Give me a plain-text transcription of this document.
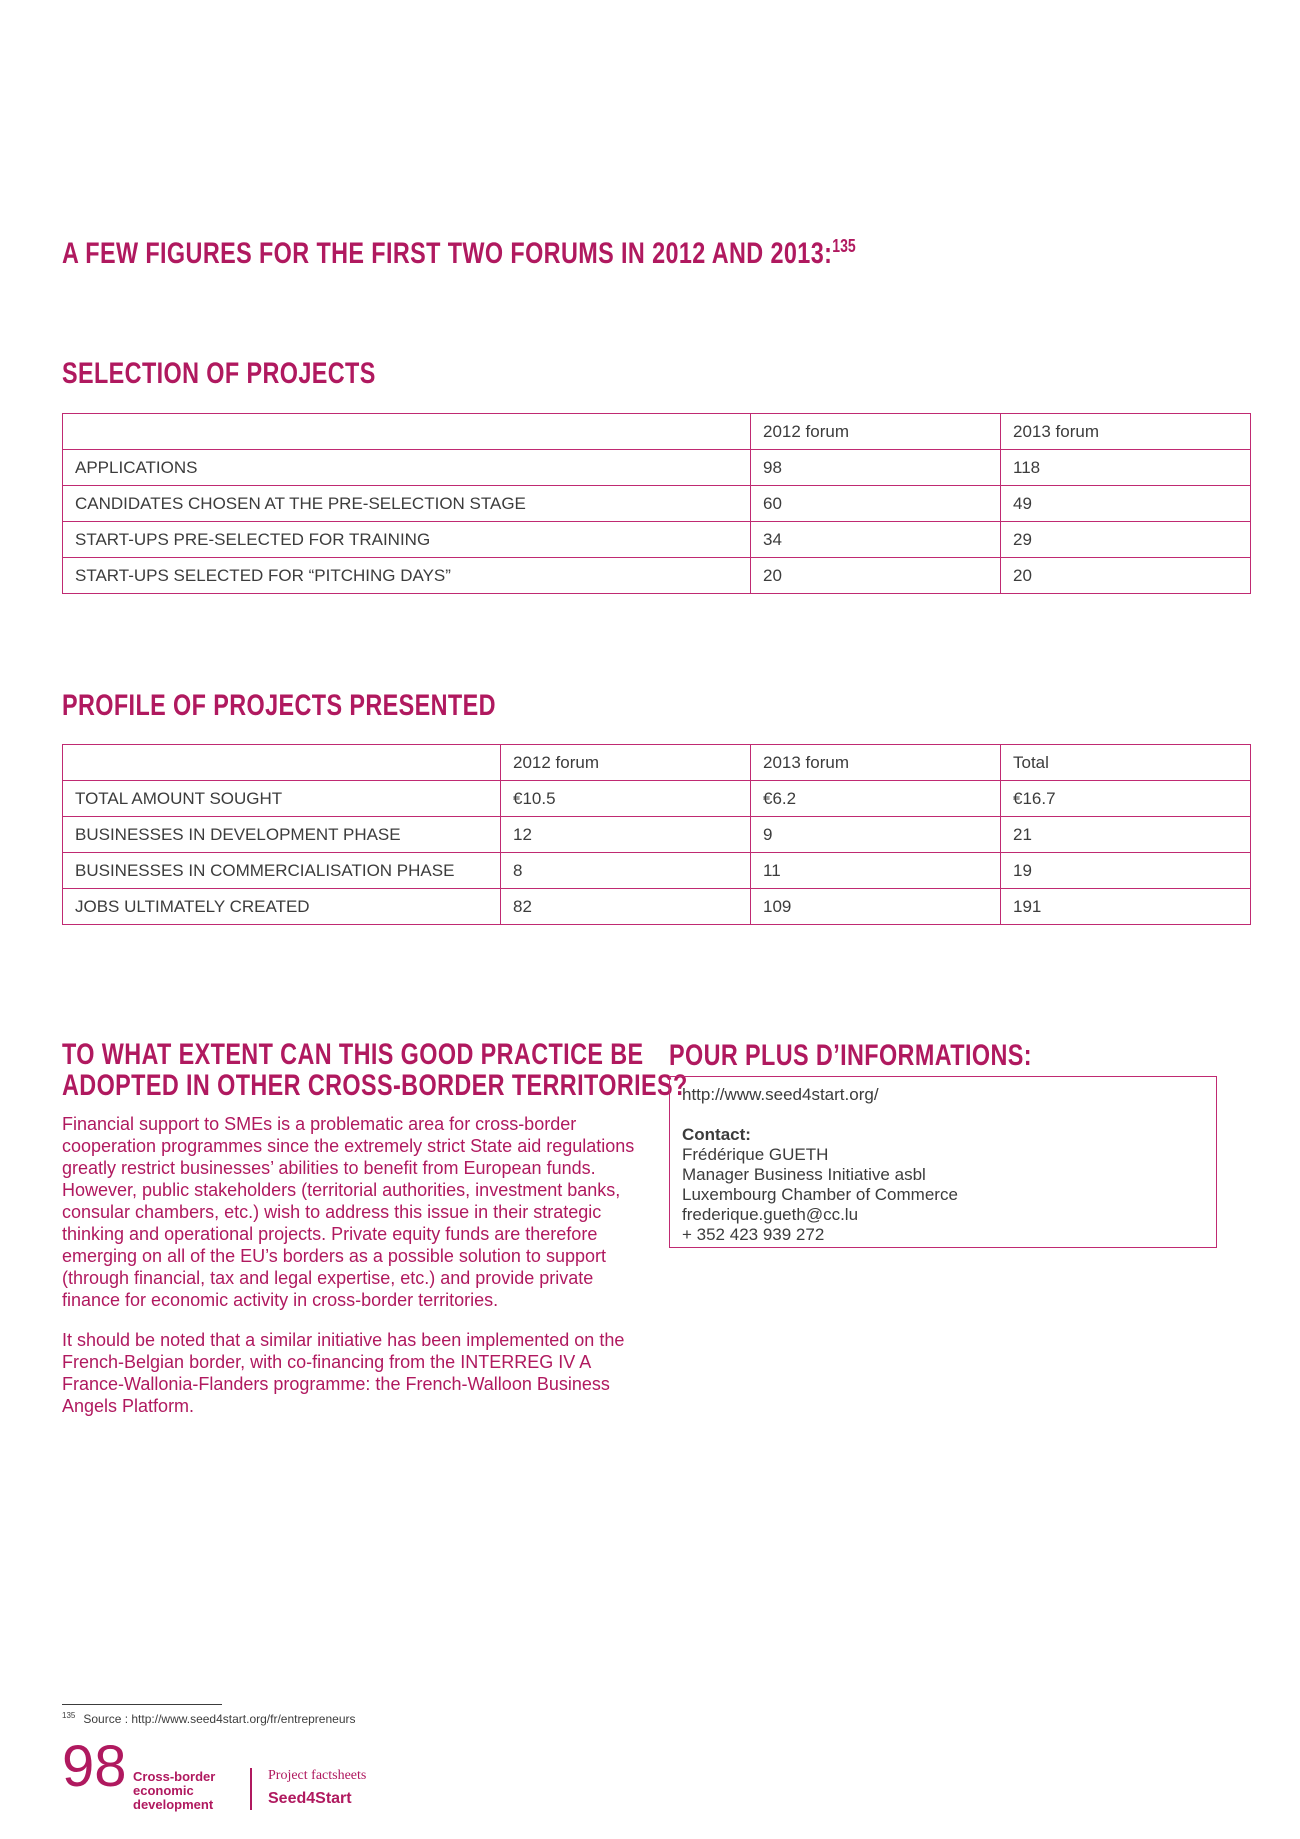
A FEW FIGURES FOR THE FIRST TWO FORUMS IN 2012 AND 2013:$^{135}$
SELECTION OF PROJECTS
	2012 forum	2013 forum
APPLICATIONS	98	118
CANDIDATES CHOSEN AT THE PRE-SELECTION STAGE	60	49
START-UPS PRE-SELECTED FOR TRAINING	34	29
START-UPS SELECTED FOR “PITCHING DAYS”	20	20
PROFILE OF PROJECTS PRESENTED
	2012 forum	2013 forum	Total
TOTAL AMOUNT SOUGHT	€10.5	€6.2	€16.7
BUSINESSES IN DEVELOPMENT PHASE	12	9	21
BUSINESSES IN COMMERCIALISATION PHASE	8	11	19
JOBS ULTIMATELY CREATED	82	109	191
TO WHAT EXTENT CAN THIS GOOD PRACTICE BE
ADOPTED IN OTHER CROSS-BORDER TERRITORIES?

Financial support to SMEs is a problematic area for cross-border cooperation programmes since the extremely strict State aid regulations greatly restrict businesses’ abilities to benefit from European funds. However, public stakeholders (territorial authorities, investment banks, consular chambers, etc.) wish to address this issue in their strategic thinking and operational projects. Private equity funds are therefore emerging on all of the EU’s borders as a possible solution to support (through financial, tax and legal expertise, etc.) and provide private finance for economic activity in cross-border territories.

It should be noted that a similar initiative has been implemented on the French-Belgian border, with co-financing from the INTERREG IV A France-Wallonia-Flanders programme: the French-Walloon Business Angels Platform.

POUR PLUS D’INFORMATIONS:
http://www.seed4start.org/
Contact:
Frédérique GUETH
Manager Business Initiative asbl
Luxembourg Chamber of Commerce
frederique.gueth@cc.lu
+ 352 423 939 272
$^{135}$ Source : http://www.seed4start.org/fr/entrepreneurs
98 Cross-border
economic
development
Project factsheets
Seed4Start
